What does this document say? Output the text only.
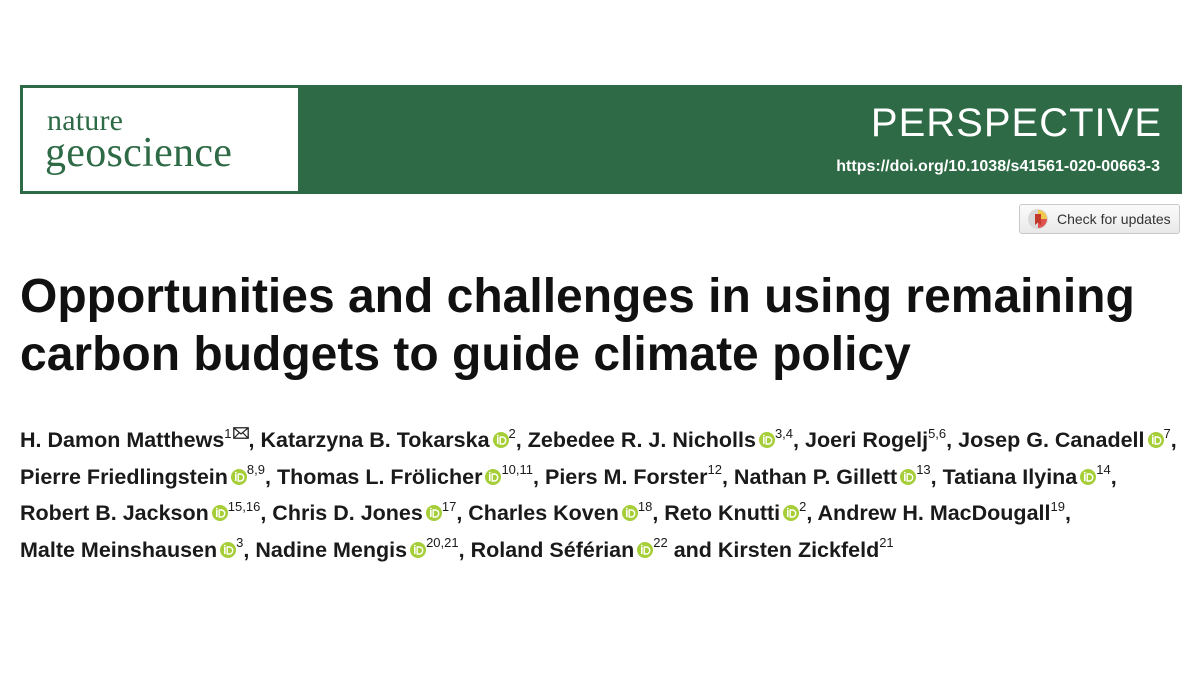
nature
geoscience
PERSPECTIVE
https://doi.org/10.1038/s41561-020-00663-3
Check for updates
Opportunities and challenges in using remaining carbon budgets to guide climate policy

H. Damon Matthews$^1$ , Katarzyna B. Tokarska $^2$, Zebedee R. J. Nicholls $^{3,4}$, Joeri Rogelj$^{5,6}$, Josep G. Canadell $^7$, Pierre Friedlingstein $^{8,9}$, Thomas L. Frölicher $^{10,11}$, Piers M. Forster$^{12}$, Nathan P. Gillett $^{13}$, Tatiana Ilyina $^{14}$, Robert B. Jackson $^{15,16}$, Chris D. Jones $^{17}$, Charles Koven $^{18}$, Reto Knutti $^2$, Andrew H. MacDougall$^{19}$, Malte Meinshausen $^3$, Nadine Mengis $^{20,21}$, Roland Séférian $^{22}$ and Kirsten Zickfeld$^{21}$
